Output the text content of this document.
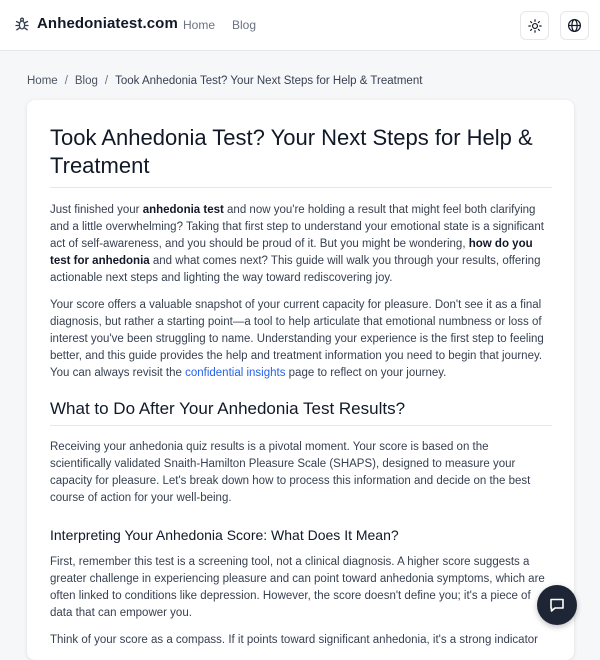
Anhedoniatest.com Home Blog
Home / Blog / Took Anhedonia Test? Your Next Steps for Help & Treatment
Took Anhedonia Test? Your Next Steps for Help & Treatment

Just finished your anhedonia test and now you're holding a result that might feel both clarifying and a little overwhelming? Taking that first step to understand your emotional state is a significant act of self-awareness, and you should be proud of it. But you might be wondering, how do you test for anhedonia and what comes next? This guide will walk you through your results, offering actionable next steps and lighting the way toward rediscovering joy.

Your score offers a valuable snapshot of your current capacity for pleasure. Don't see it as a final diagnosis, but rather a starting point—a tool to help articulate that emotional numbness or loss of interest you've been struggling to name. Understanding your experience is the first step to feeling better, and this guide provides the help and treatment information you need to begin that journey. You can always revisit the confidential insights page to reflect on your journey.

What to Do After Your Anhedonia Test Results?

Receiving your anhedonia quiz results is a pivotal moment. Your score is based on the scientifically validated Snaith-Hamilton Pleasure Scale (SHAPS), designed to measure your capacity for pleasure. Let's break down how to process this information and decide on the best course of action for your well-being.

Interpreting Your Anhedonia Score: What Does It Mean?

First, remember this test is a screening tool, not a clinical diagnosis. A higher score suggests a greater challenge in experiencing pleasure and can point toward anhedonia symptoms, which are often linked to conditions like depression. However, the score doesn't define you; it's a piece of data that can empower you.

Think of your score as a compass. If it points toward significant anhedonia, it's a strong indicator
